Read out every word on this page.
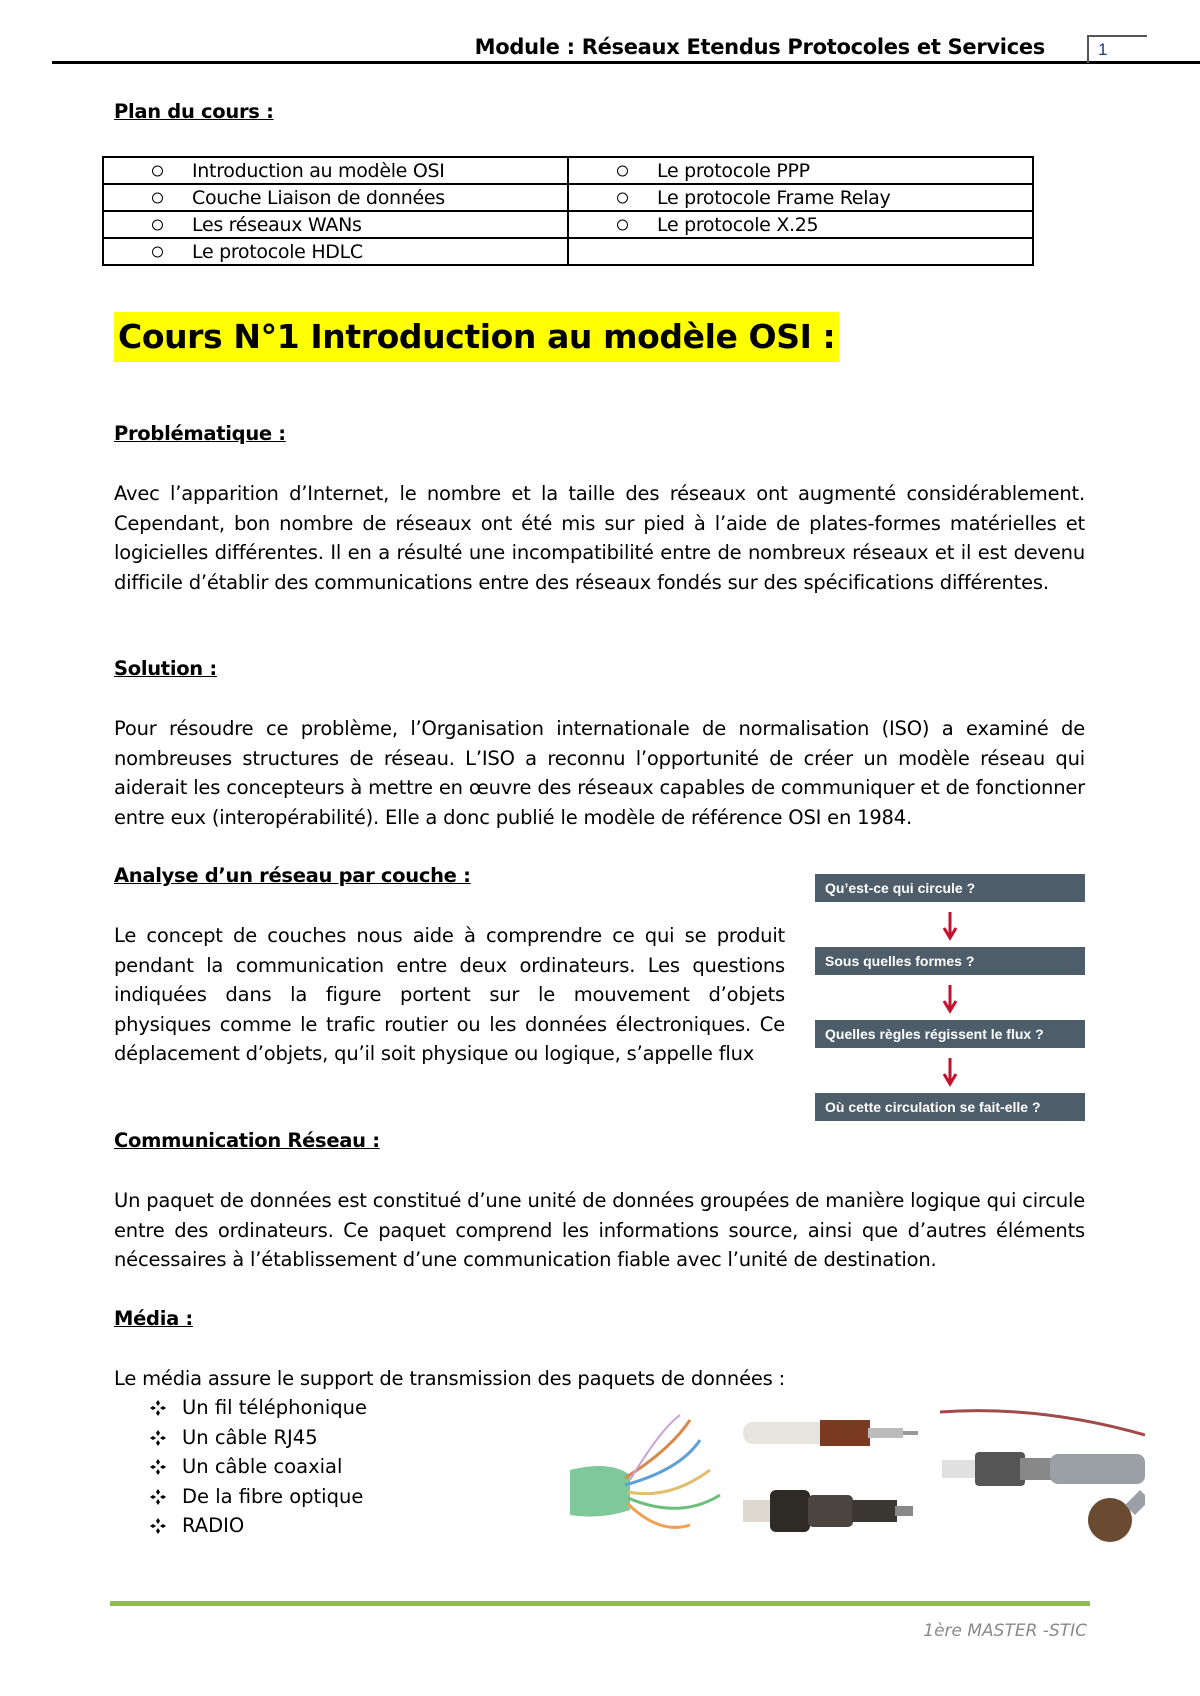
Module : Réseaux Etendus Protocoles et Services	1
Plan du cours :
Introduction au modèle OSI	Le protocole PPP

Couche Liaison de données	Le protocole Frame Relay

Les réseaux WANs	Le protocole X.25

Le protocole HDLC	
Cours N°1 Introduction au modèle OSI :
Problématique :
Avec l’apparition d’Internet, le nombre et la taille des réseaux ont augmenté considérablement. Cependant, bon nombre de réseaux ont été mis sur pied à l’aide de plates-formes matérielles et logicielles différentes. Il en a résulté une incompatibilité entre de nombreux réseaux et il est devenu difficile d’établir des communications entre des réseaux fondés sur des spécifications différentes.
Solution :
Pour résoudre ce problème, l’Organisation internationale de normalisation (ISO) a examiné de nombreuses structures de réseau. L’ISO a reconnu l’opportunité de créer un modèle réseau qui aiderait les concepteurs à mettre en œuvre des réseaux capables de communiquer et de fonctionner entre eux (interopérabilité). Elle a donc publié le modèle de référence OSI en 1984.
Analyse d’un réseau par couche :
Le concept de couches nous aide à comprendre ce qui se produit pendant la communication entre deux ordinateurs. Les questions indiquées dans la figure portent sur le mouvement d’objets physiques comme le trafic routier ou les données électroniques. Ce déplacement d’objets, qu’il soit physique ou logique, s’appelle flux
Qu’est-ce qui circule ?
Sous quelles formes ?
Quelles règles régissent le flux ?
Où cette circulation se fait-elle ?
Communication Réseau :
Un paquet de données est constitué d’une unité de données groupées de manière logique qui circule entre des ordinateurs. Ce paquet comprend les informations source, ainsi que d’autres éléments nécessaires à l’établissement d’une communication fiable avec l’unité de destination.
Média :
Le média assure le support de transmission des paquets de données :
Un fil téléphonique
Un câble RJ45
Un câble coaxial
De la fibre optique
RADIO
1ère MASTER -STIC
